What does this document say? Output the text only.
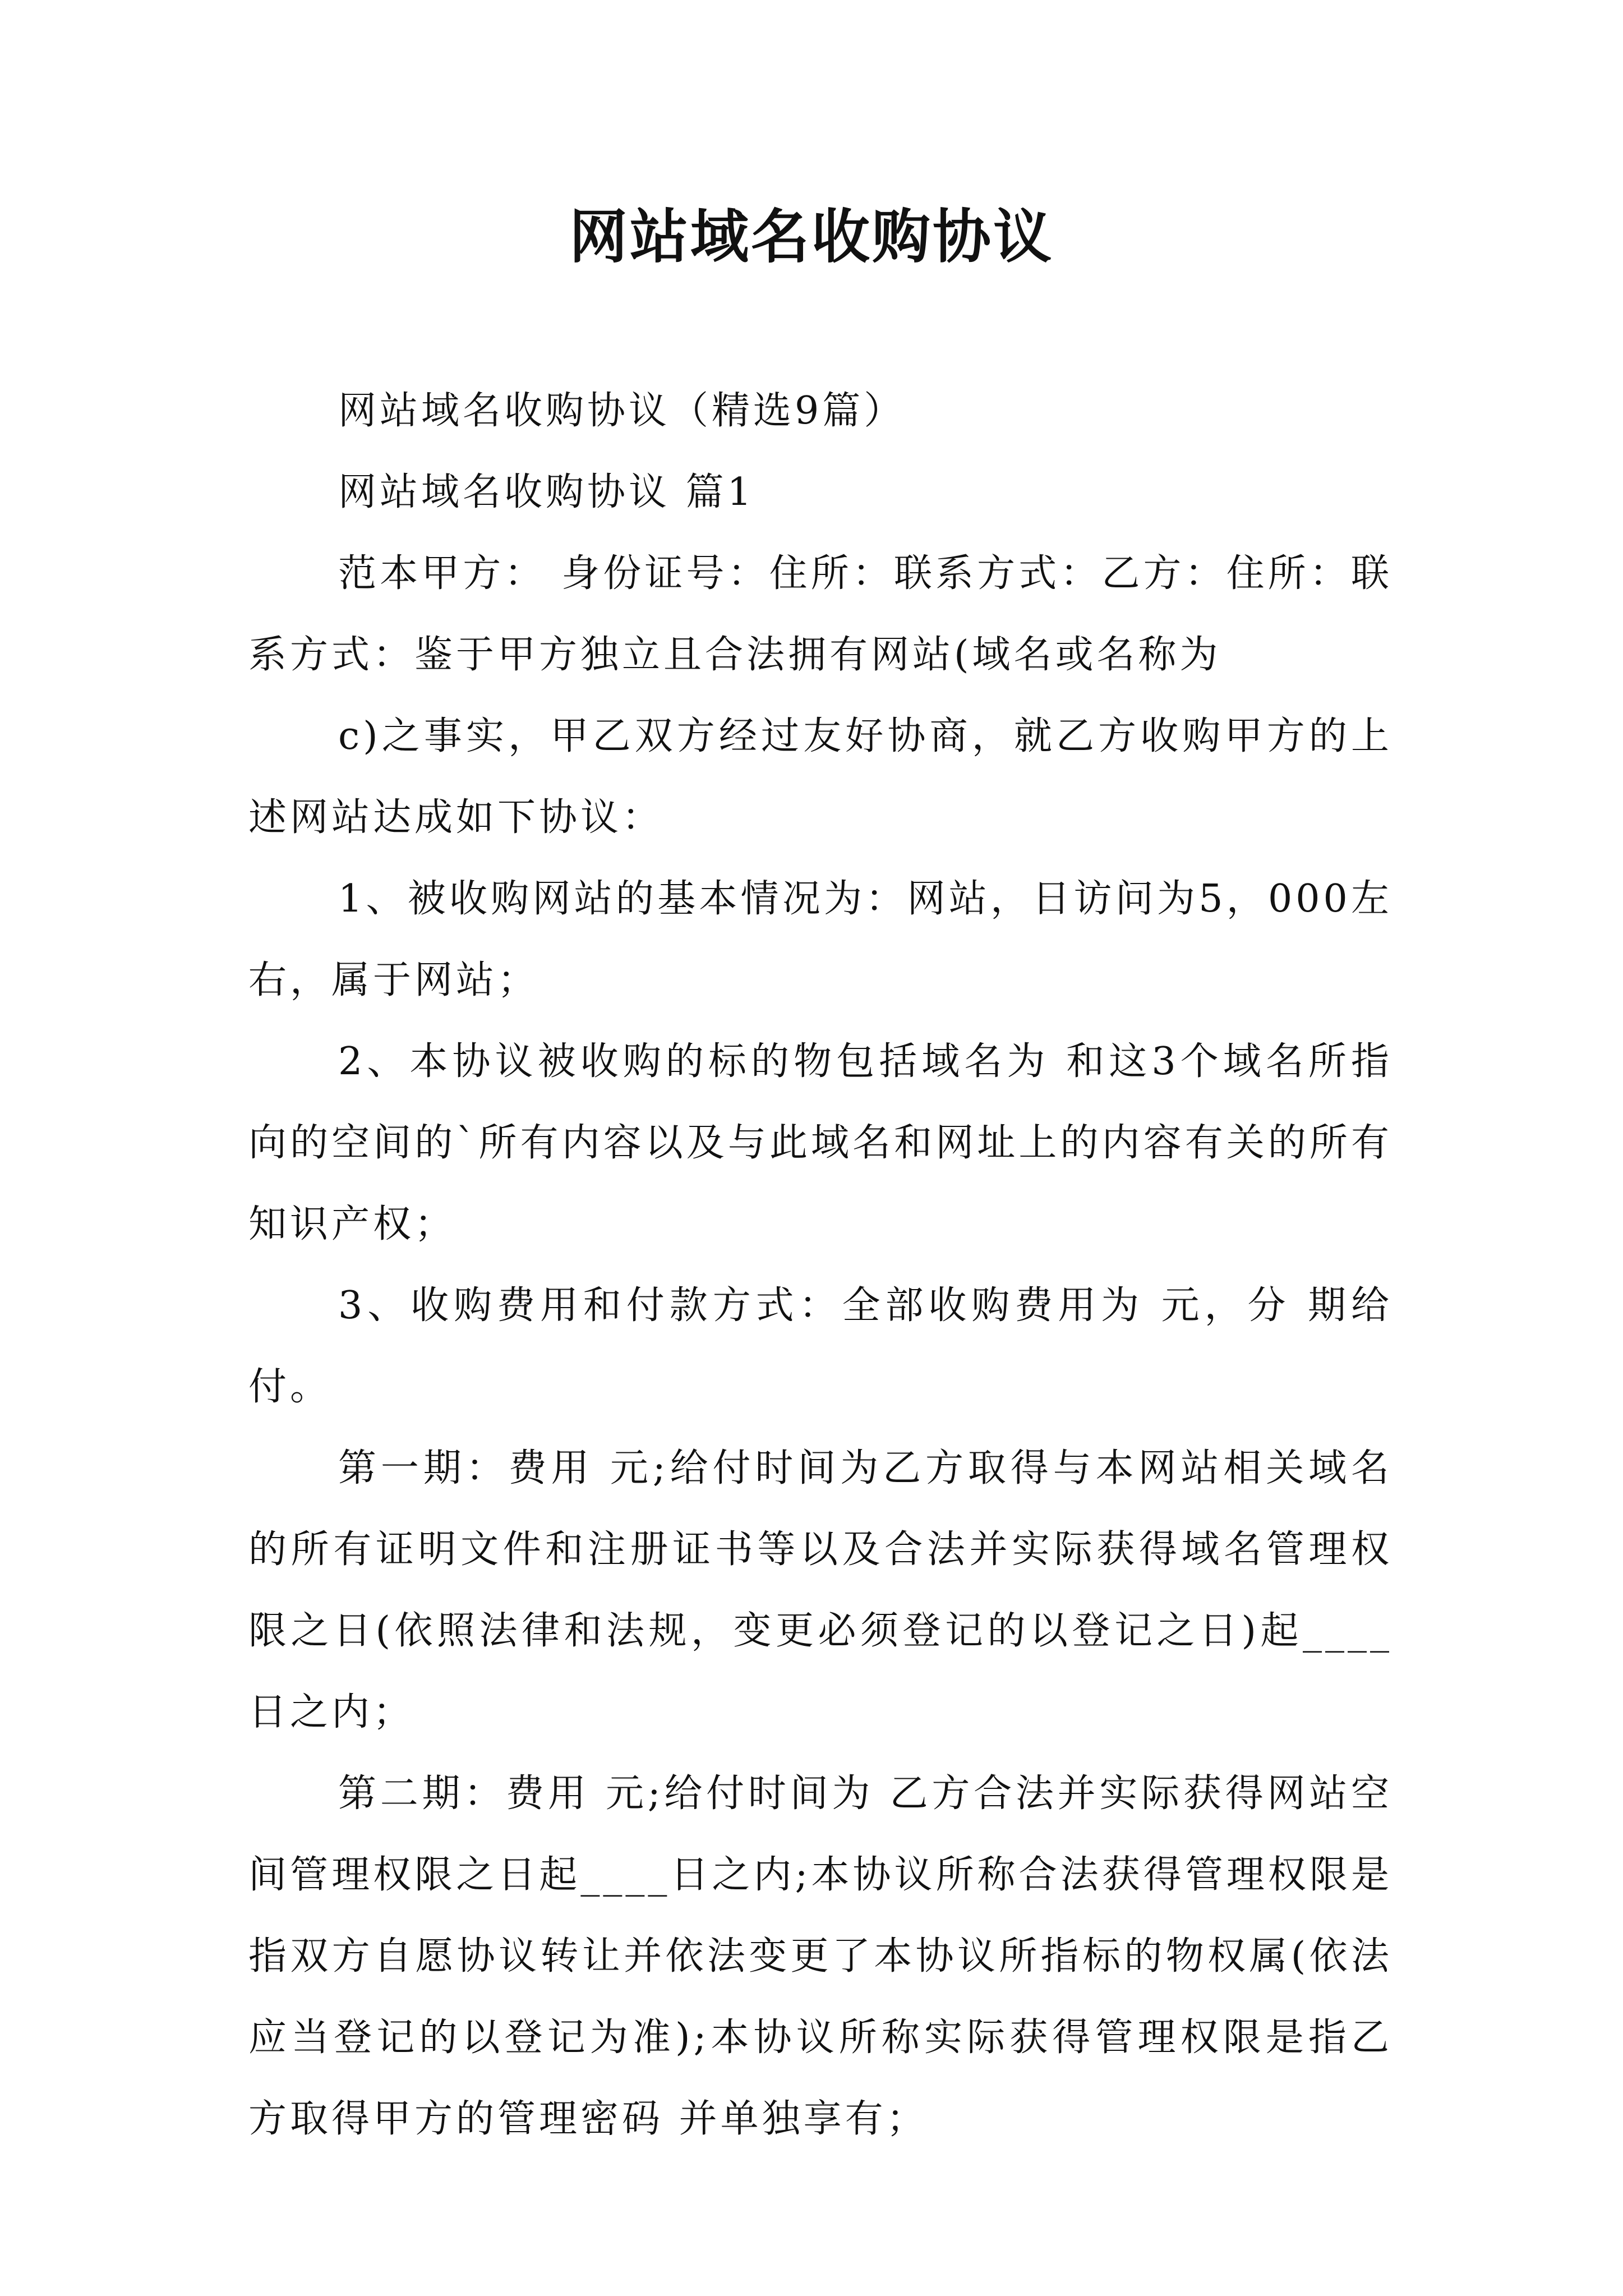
网站域名收购协议

网站域名收购协议（精选9篇）

网站域名收购协议 篇1

范本甲方： 身份证号：住所：联系方式：乙方：住所：联系方式：鉴于甲方独立且合法拥有网站(域名或名称为

c)之事实，甲乙双方经过友好协商，就乙方收购甲方的上述网站达成如下协议：

1、被收购网站的基本情况为：网站，日访问为5，000左右，属于网站；

2、本协议被收购的标的物包括域名为 和这3个域名所指向的空间的`所有内容以及与此域名和网址上的内容有关的所有知识产权；

3、收购费用和付款方式：全部收购费用为 元，分 期给付。

第一期：费用 元;给付时间为乙方取得与本网站相关域名的所有证明文件和注册证书等以及合法并实际获得域名管理权限之日(依照法律和法规，变更必须登记的以登记之日)起____日之内；

第二期：费用 元;给付时间为 乙方合法并实际获得网站空间管理权限之日起____日之内;本协议所称合法获得管理权限是指双方自愿协议转让并依法变更了本协议所指标的物权属(依法应当登记的以登记为准);本协议所称实际获得管理权限是指乙方取得甲方的管理密码 并单独享有；
